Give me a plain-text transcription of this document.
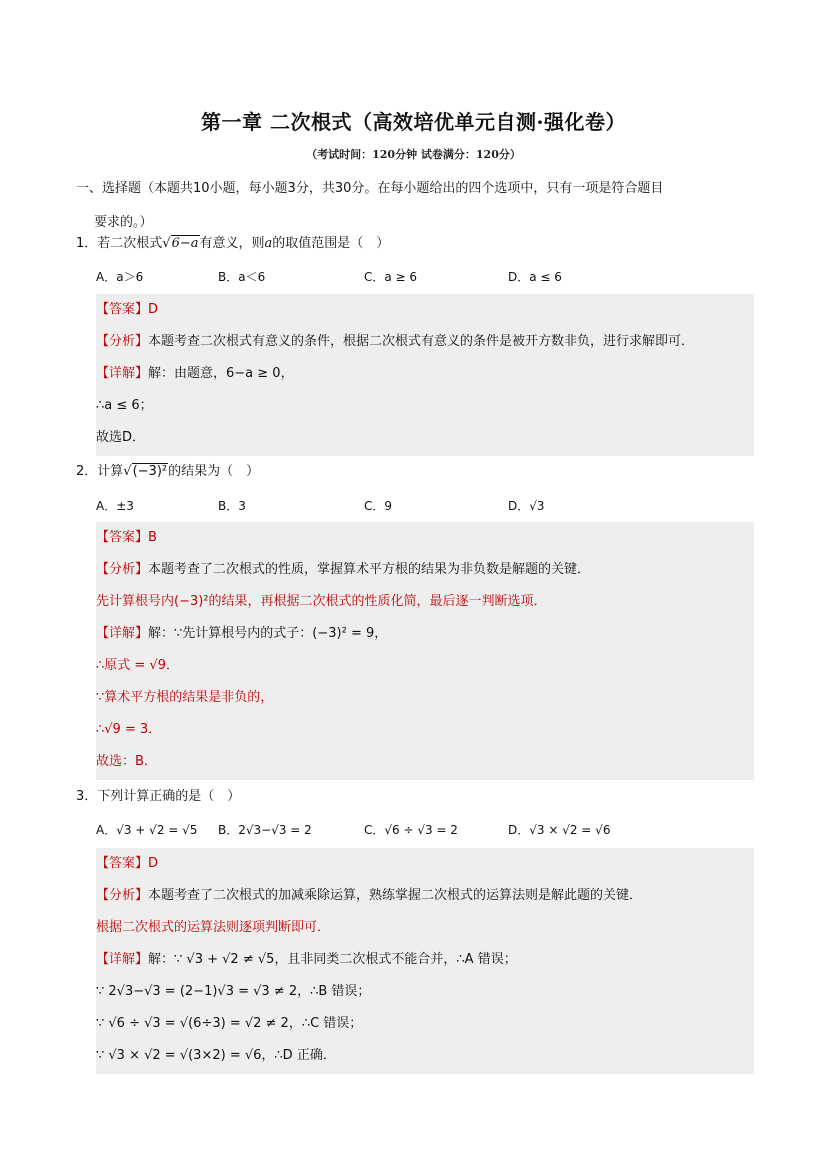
第一章 二次根式（高效培优单元自测·强化卷）
（考试时间：120分钟 试卷满分：120分）
一、选择题（本题共10小题，每小题3分，共30分。在每小题给出的四个选项中，只有一项是符合题目
要求的。）
1．若二次根式√6−a有意义，则a的取值范围是（　）
A．a＞6	B．a＜6	C．a ≥ 6	D．a ≤ 6
【答案】D
【分析】本题考查二次根式有意义的条件，根据二次根式有意义的条件是被开方数非负，进行求解即可．
【详解】解：由题意，6−a ≥ 0，
∴a ≤ 6；
故选D．
2．计算√(−3)²的结果为（　）
A．±3	B．3	C．9	D．√3
【答案】B
【分析】本题考查了二次根式的性质，掌握算术平方根的结果为非负数是解题的关键．
先计算根号内(−3)²的结果，再根据二次根式的性质化简，最后逐一判断选项．
【详解】解：∵先计算根号内的式子：(−3)² = 9，
∴原式 = √9．
∵算术平方根的结果是非负的，
∴√9 = 3．
故选：B．
3．下列计算正确的是（　）
A．√3 + √2 = √5 B．2√3−√3 = 2	C．√6 ÷ √3 = 2	D．√3 × √2 = √6
【答案】D
【分析】本题考查了二次根式的加减乘除运算，熟练掌握二次根式的运算法则是解此题的关键．
根据二次根式的运算法则逐项判断即可．
【详解】解：∵ √3 + √2 ≠ √5，且非同类二次根式不能合并，∴A 错误；
∵ 2√3−√3 = (2−1)√3 = √3 ≠ 2，∴B 错误；
∵ √6 ÷ √3 = √(6÷3) = √2 ≠ 2，∴C 错误；
∵ √3 × √2 = √(3×2) = √6，∴D 正确．
